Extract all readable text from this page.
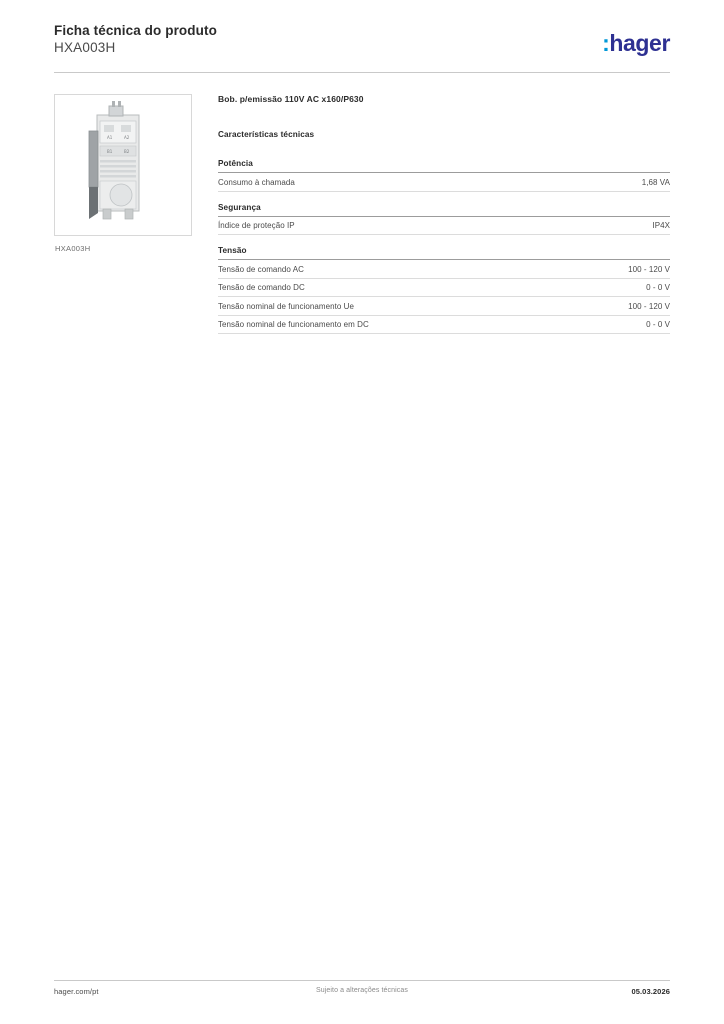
Ficha técnica do produto
HXA003H	:hager
A1	A2
B1	B2
HXA003H
Bob. p/emissão 110V AC x160/P630
Características técnicas
Potência
Consumo à chamada	1,68 VA
Segurança
Índice de proteção IP	IP4X
Tensão
Tensão de comando AC	100 - 120 V
Tensão de comando DC	0 - 0 V
Tensão nominal de funcionamento Ue	100 - 120 V
Tensão nominal de funcionamento em DC	0 - 0 V
hager.com/pt	Sujeito a alterações técnicas	05.03.2026
